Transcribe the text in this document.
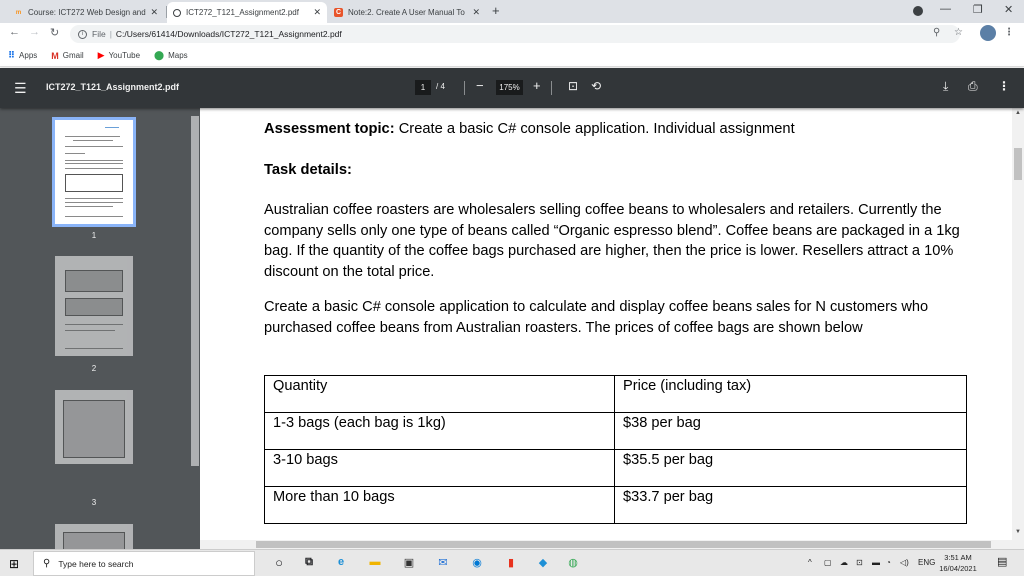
ᵐ Course: ICT272 Web Design and ✕	ICT272_T121_Assignment2.pdf	✕ C Note:2. Create A User Manual To ✕ +	— ❐ ✕
← → ↻	i	File | C:/Users/61414/Downloads/ICT272_T121_Assignment2.pdf	⚲ ☆	⋮
⠿ Apps M Gmail ▶ YouTube ⬤ Maps
☰ ICT272_T121_Assignment2.pdf	1	/ 4 −	175% + ⊡ ⟲	⤓ ⎙ ⋮
1
2
3
Assessment topic: Create a basic C# console application. Individual assignment
Task details:
Australian coffee roasters are wholesalers selling coffee beans to wholesalers and retailers. Currently the company sells only one type of beans called “Organic espresso blend”. Coffee beans are packaged in a 1kg bag. If the quantity of the coffee bags purchased are higher, then the price is lower. Resellers attract a 10% discount on the total price.
Create a basic C# console application to calculate and display coffee beans sales for N customers who purchased coffee beans from Australian roasters. The prices of coffee bags are shown below
Quantity	Price (including tax)
1-3 bags (each bag is 1kg)	$38 per bag
3-10 bags	$35.5 per bag
More than 10 bags	$33.7 per bag
▲
▼
⊞ ⚲ Type here to search	○ ⧉	e	▬ ▣ ✉ ◉	▮	◆ ◍	^ ▢ ☁ ⊡ ▬ ◔ ◁) ENG
3:51 AM
16/04/2021
▤
